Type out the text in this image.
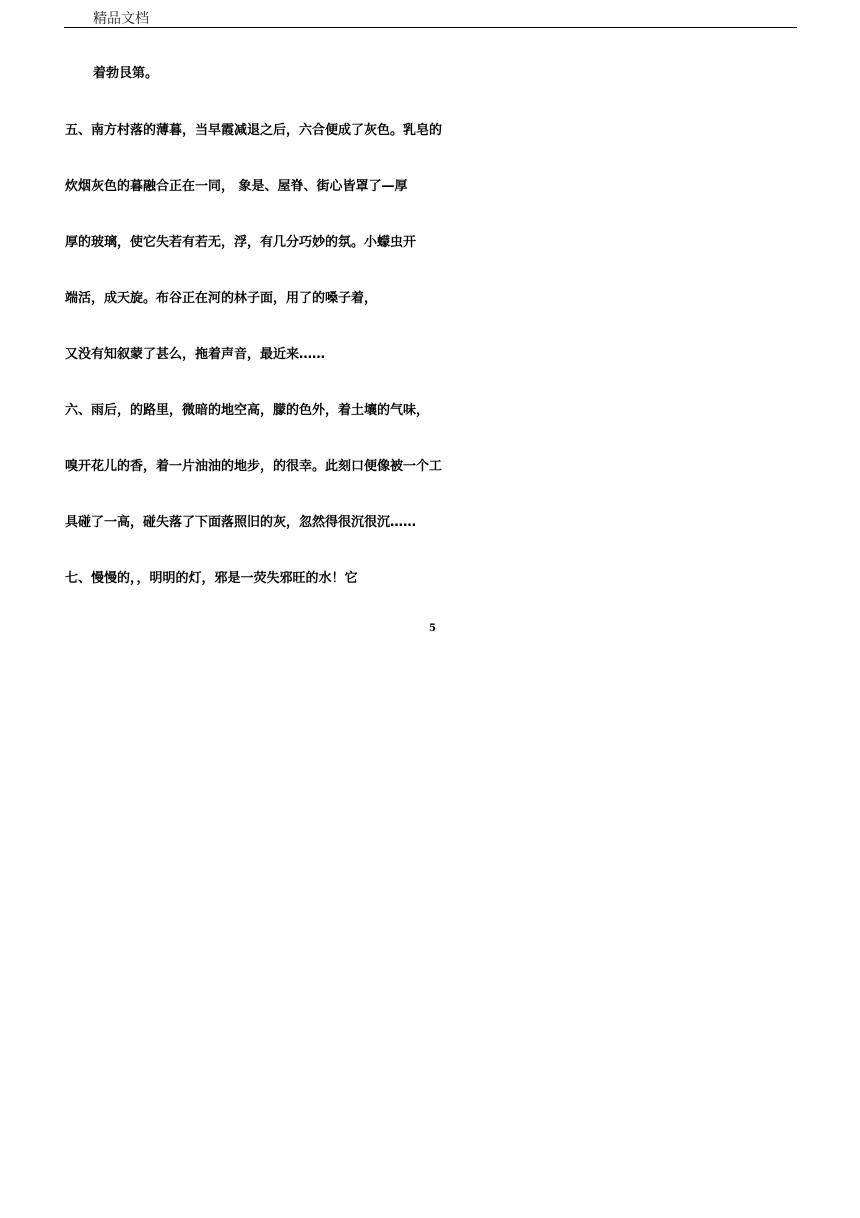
精品文档
着勃艮第。
五、南方村落的薄暮，当早霞减退之后，六合便成了灰色。乳皂的
炊烟灰色的暮融合正在一同， 象是、屋脊、街心皆罩了—厚
厚的玻璃，使它失若有若无，浮，有几分巧妙的氛。小蠓虫开
端活，成天旋。布谷正在河的林子面，用了的嗓子着，
又没有知叙蒙了甚么，拖着声音，最近来……
六、雨后，的路里，微暗的地空高，朦的色外，着土壤的气味，
嗅开花儿的香，着一片油油的地步，的很幸。此刻口便像被一个工
具碰了一高，碰失落了下面落照旧的灰，忽然得很沉很沉……
七、慢慢的，，明明的灯，邪是一荧失邪旺的水！它
5
